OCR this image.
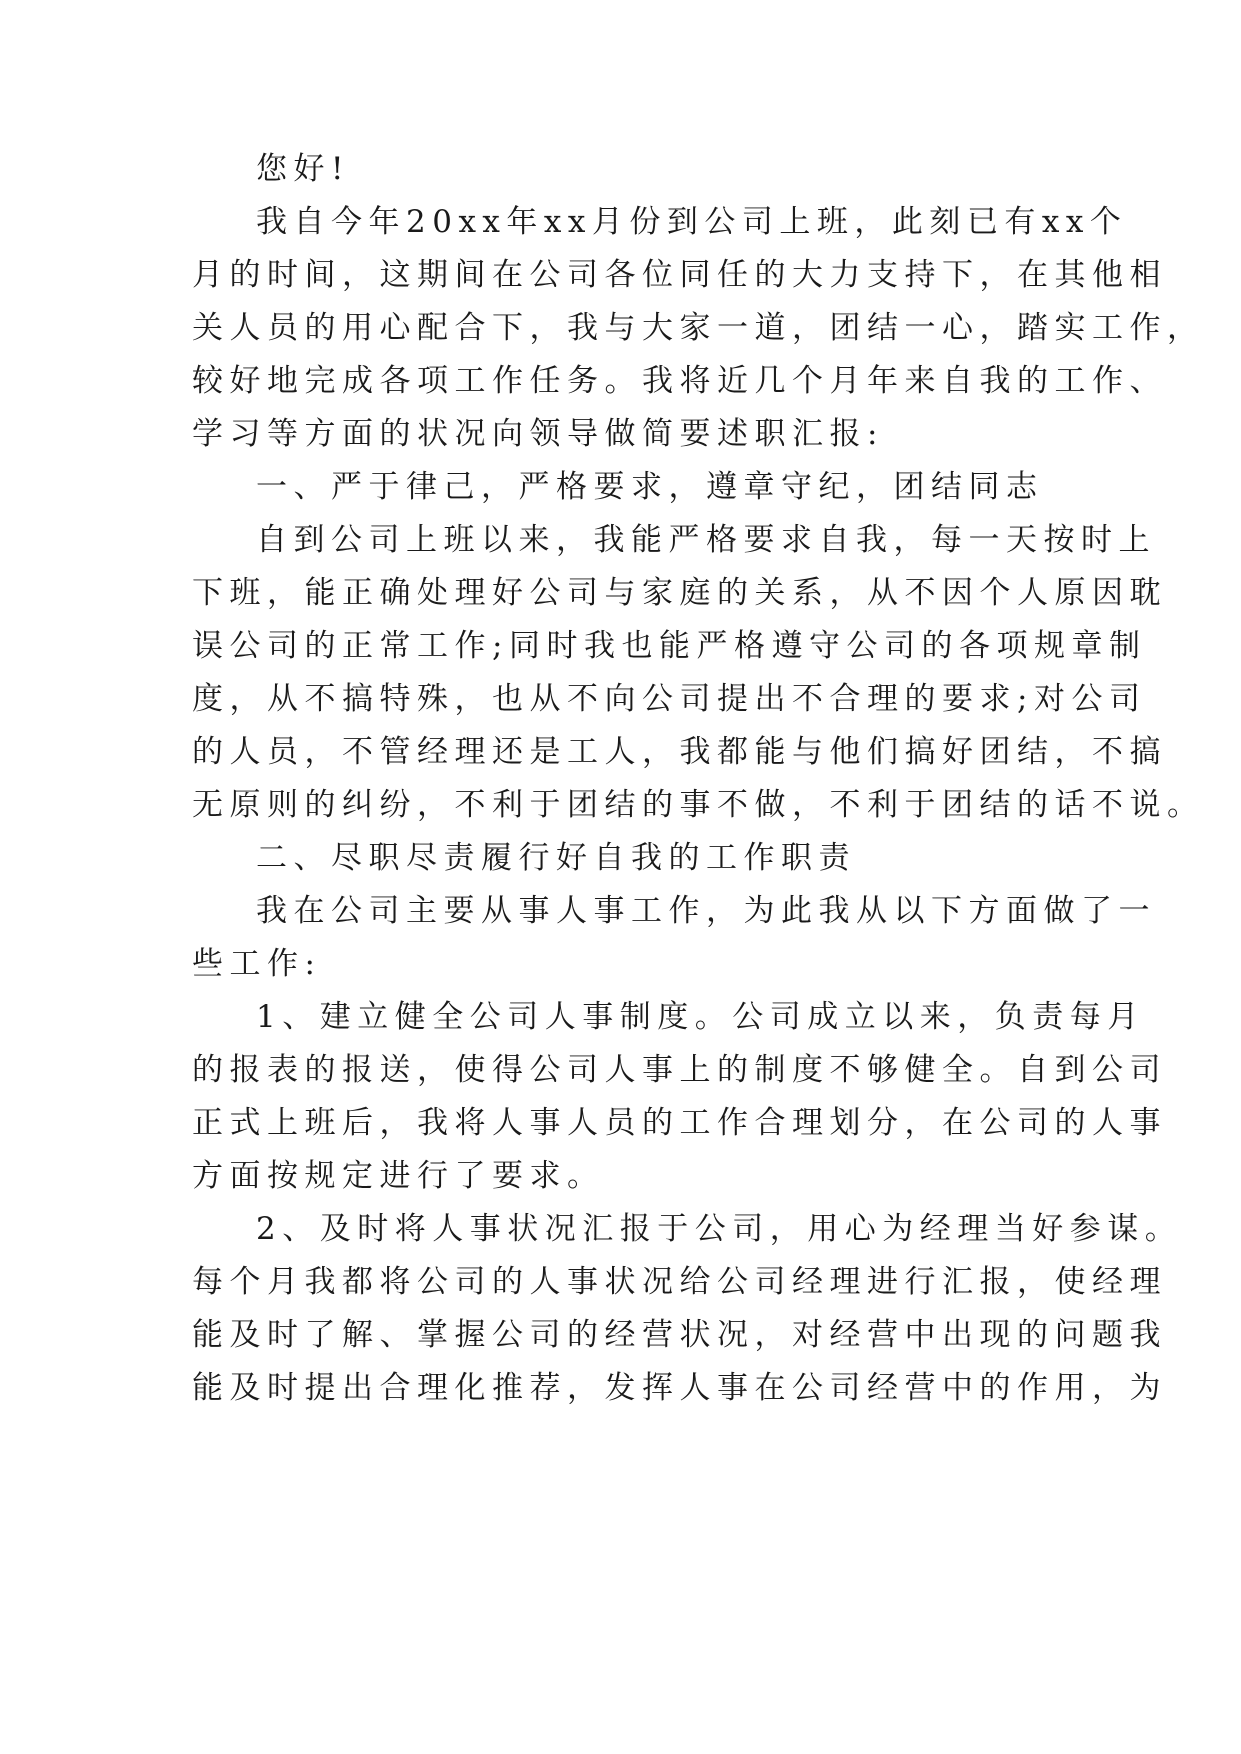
您好!

我自今年20xx年xx月份到公司上班，此刻已有xx个

月的时间，这期间在公司各位同任的大力支持下，在其他相

关人员的用心配合下，我与大家一道，团结一心，踏实工作，

较好地完成各项工作任务。我将近几个月年来自我的工作、

学习等方面的状况向领导做简要述职汇报:

一、严于律己，严格要求，遵章守纪，团结同志

自到公司上班以来，我能严格要求自我，每一天按时上

下班，能正确处理好公司与家庭的关系，从不因个人原因耽

误公司的正常工作;同时我也能严格遵守公司的各项规章制

度，从不搞特殊，也从不向公司提出不合理的要求;对公司

的人员，不管经理还是工人，我都能与他们搞好团结，不搞

无原则的纠纷，不利于团结的事不做，不利于团结的话不说。

二、尽职尽责履行好自我的工作职责

我在公司主要从事人事工作，为此我从以下方面做了一

些工作:

1、建立健全公司人事制度。公司成立以来，负责每月

的报表的报送，使得公司人事上的制度不够健全。自到公司

正式上班后，我将人事人员的工作合理划分，在公司的人事

方面按规定进行了要求。

2、及时将人事状况汇报于公司，用心为经理当好参谋。

每个月我都将公司的人事状况给公司经理进行汇报，使经理

能及时了解、掌握公司的经营状况，对经营中出现的问题我

能及时提出合理化推荐，发挥人事在公司经营中的作用，为
